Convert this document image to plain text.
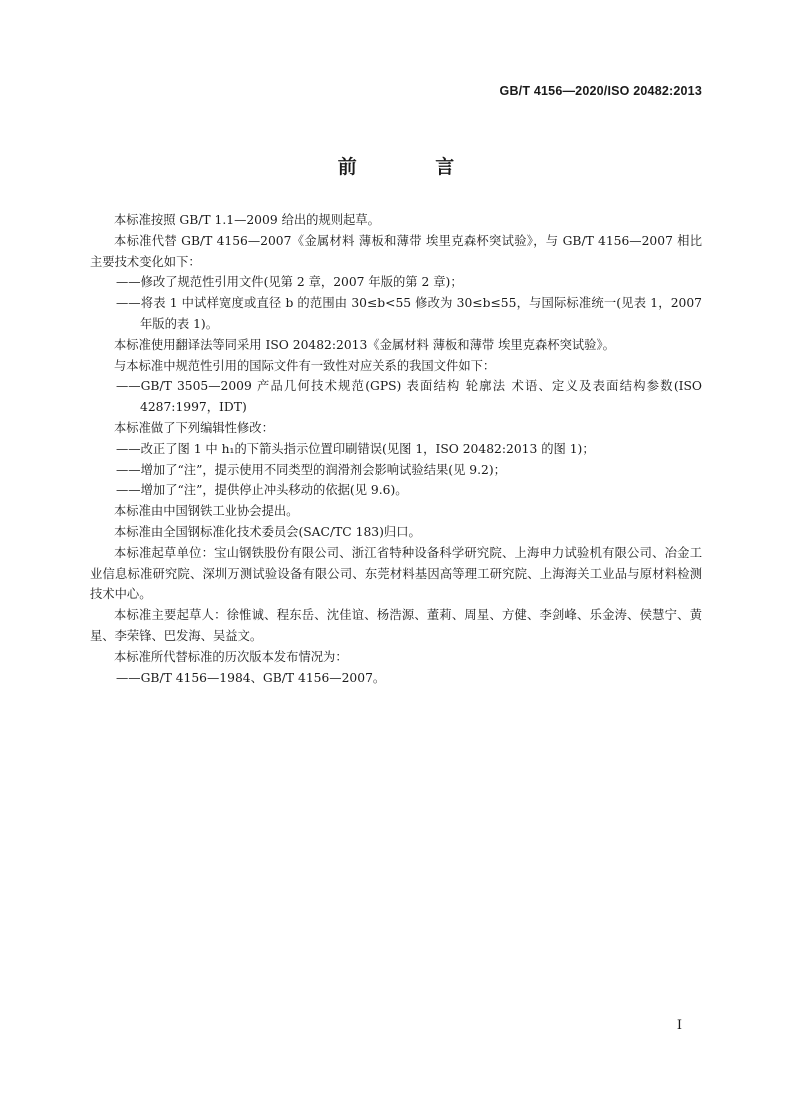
GB/T 4156—2020/ISO 20482:2013
前 言

本标准按照 GB/T 1.1—2009 给出的规则起草。

本标准代替 GB/T 4156—2007《金属材料 薄板和薄带 埃里克森杯突试验》，与 GB/T 4156—2007 相比主要技术变化如下：

——修改了规范性引用文件(见第 2 章，2007 年版的第 2 章)；

——将表 1 中试样宽度或直径 b 的范围由 30≤b<55 修改为 30≤b≤55，与国际标准统一(见表 1，2007 年版的表 1)。

本标准使用翻译法等同采用 ISO 20482:2013《金属材料 薄板和薄带 埃里克森杯突试验》。

与本标准中规范性引用的国际文件有一致性对应关系的我国文件如下：

——GB/T 3505—2009 产品几何技术规范(GPS) 表面结构 轮廓法 术语、定义及表面结构参数(ISO 4287:1997，IDT)

本标准做了下列编辑性修改：

——改正了图 1 中 h₁的下箭头指示位置印刷错误(见图 1，ISO 20482:2013 的图 1)；

——增加了“注”，提示使用不同类型的润滑剂会影响试验结果(见 9.2)；

——增加了“注”，提供停止冲头移动的依据(见 9.6)。

本标准由中国钢铁工业协会提出。

本标准由全国钢标准化技术委员会(SAC/TC 183)归口。

本标准起草单位：宝山钢铁股份有限公司、浙江省特种设备科学研究院、上海申力试验机有限公司、冶金工业信息标准研究院、深圳万测试验设备有限公司、东莞材料基因高等理工研究院、上海海关工业品与原材料检测技术中心。

本标准主要起草人：徐惟诚、程东岳、沈佳谊、杨浩源、董莉、周星、方健、李剑峰、乐金涛、侯慧宁、黄星、李荣锋、巴发海、吴益文。

本标准所代替标准的历次版本发布情况为：

——GB/T 4156—1984、GB/T 4156—2007。

I
